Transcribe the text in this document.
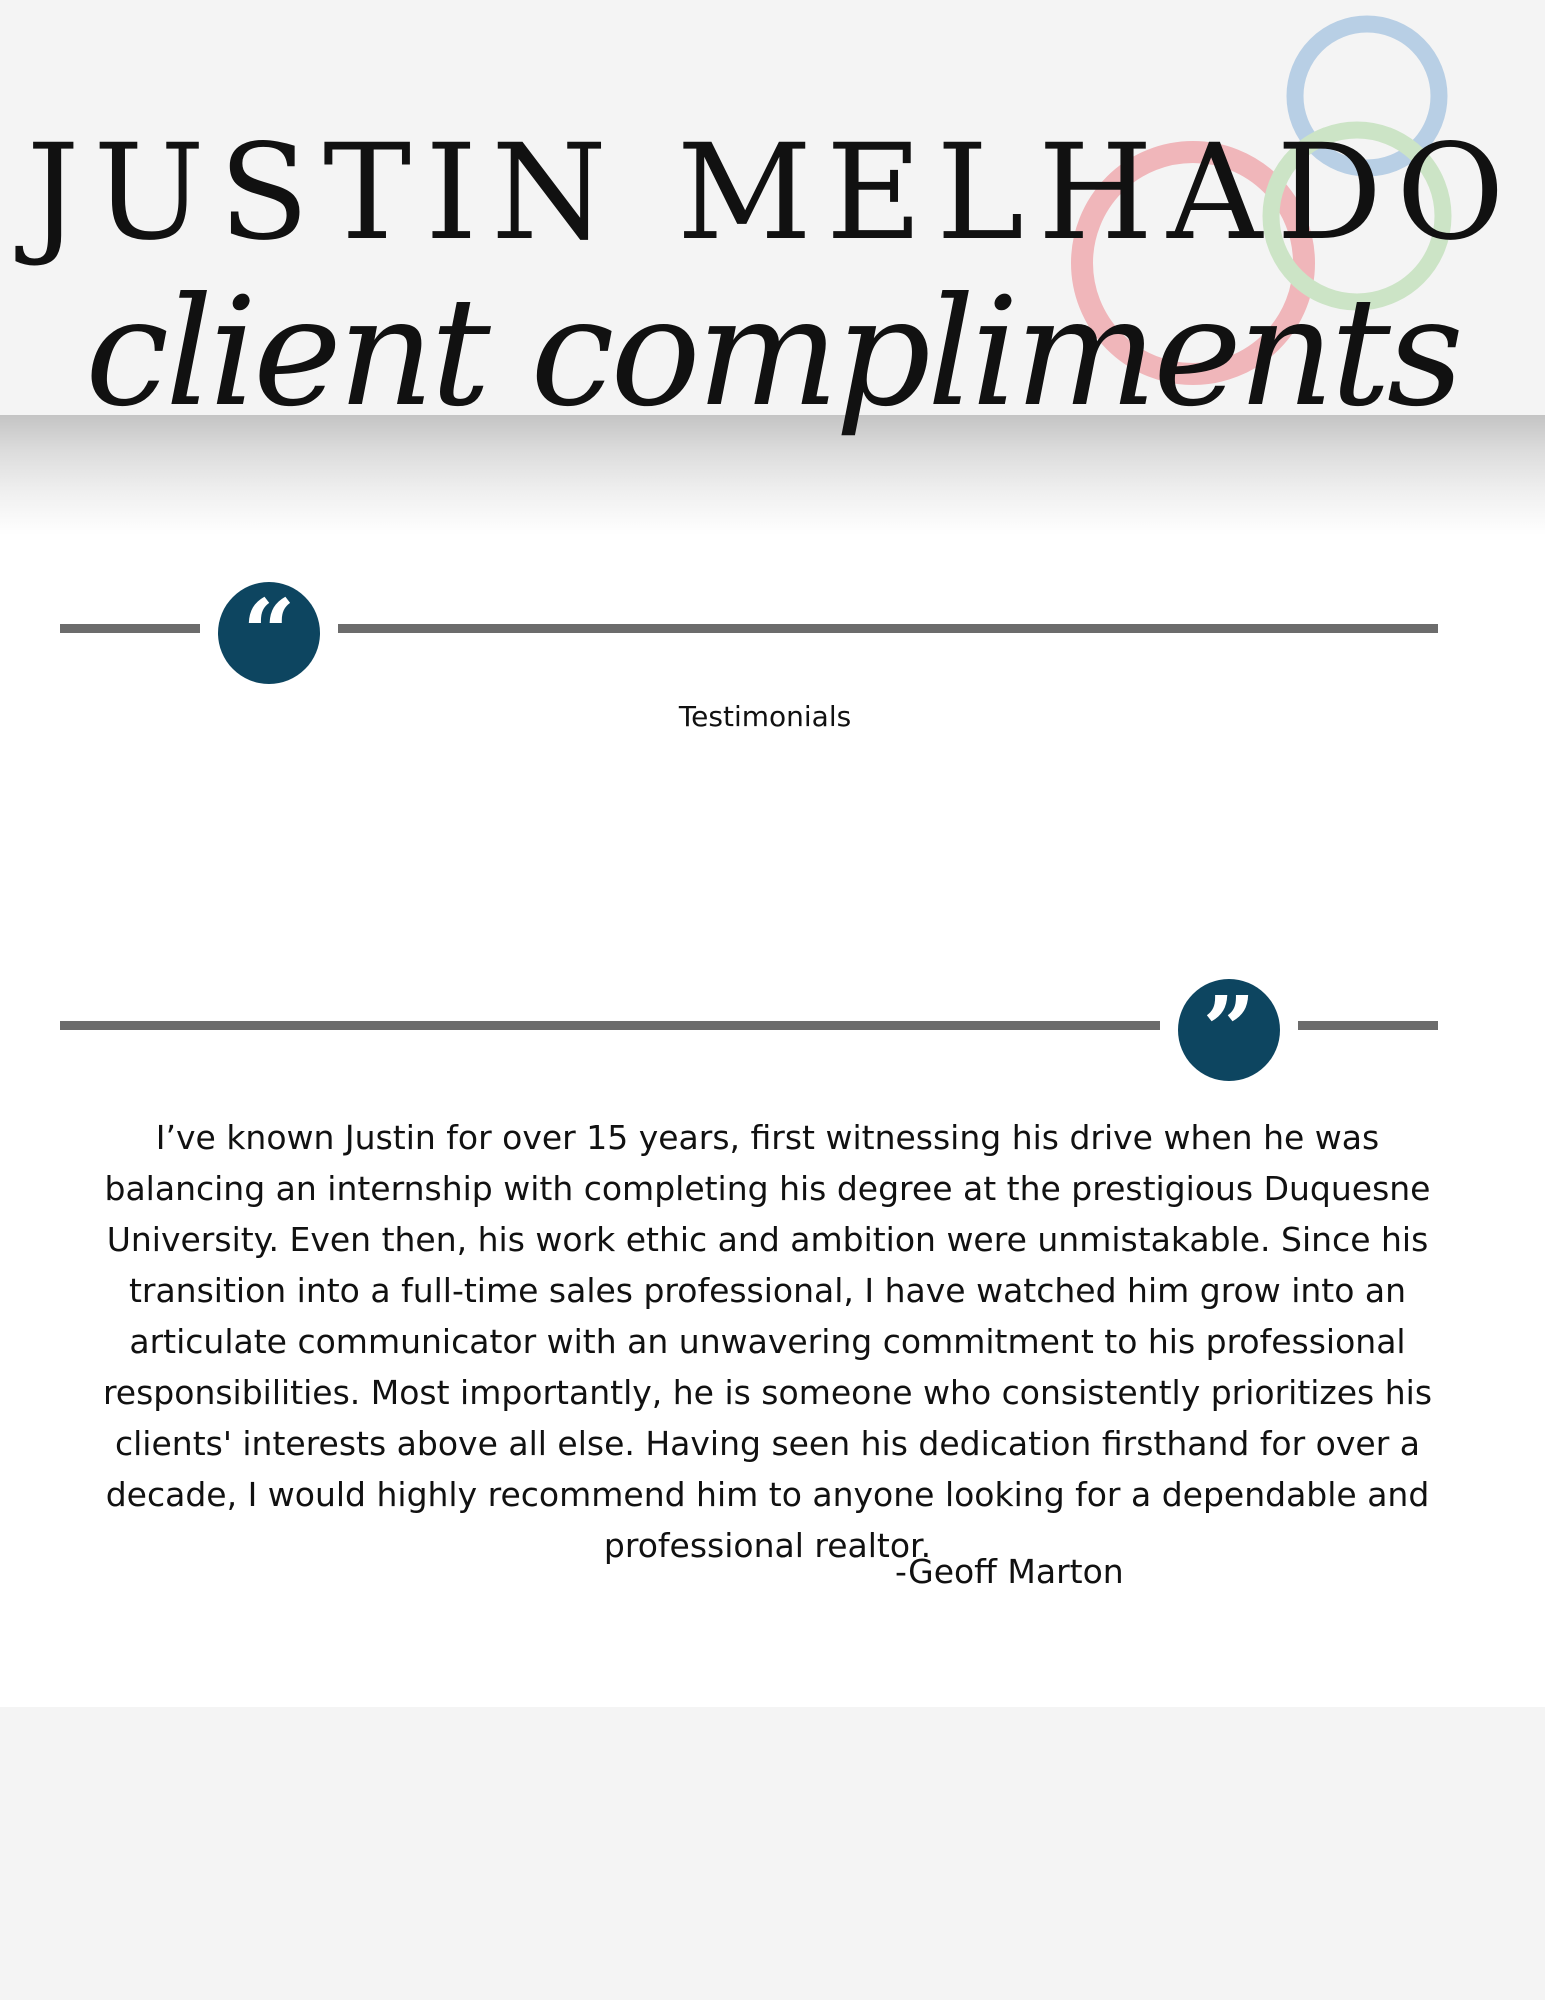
JUSTIN MELHADO
client compliments
“
Testimonials
”
I’ve known Justin for over 15 years, first witnessing his drive when he was balancing an internship with completing his degree at the prestigious Duquesne University. Even then, his work ethic and ambition were unmistakable. Since his transition into a full-time sales professional, I have watched him grow into an articulate communicator with an unwavering commitment to his professional responsibilities. Most importantly, he is someone who consistently prioritizes his clients' interests above all else. Having seen his dedication firsthand for over a decade, I would highly recommend him to anyone looking for a dependable and professional realtor.
-Geoff Marton
